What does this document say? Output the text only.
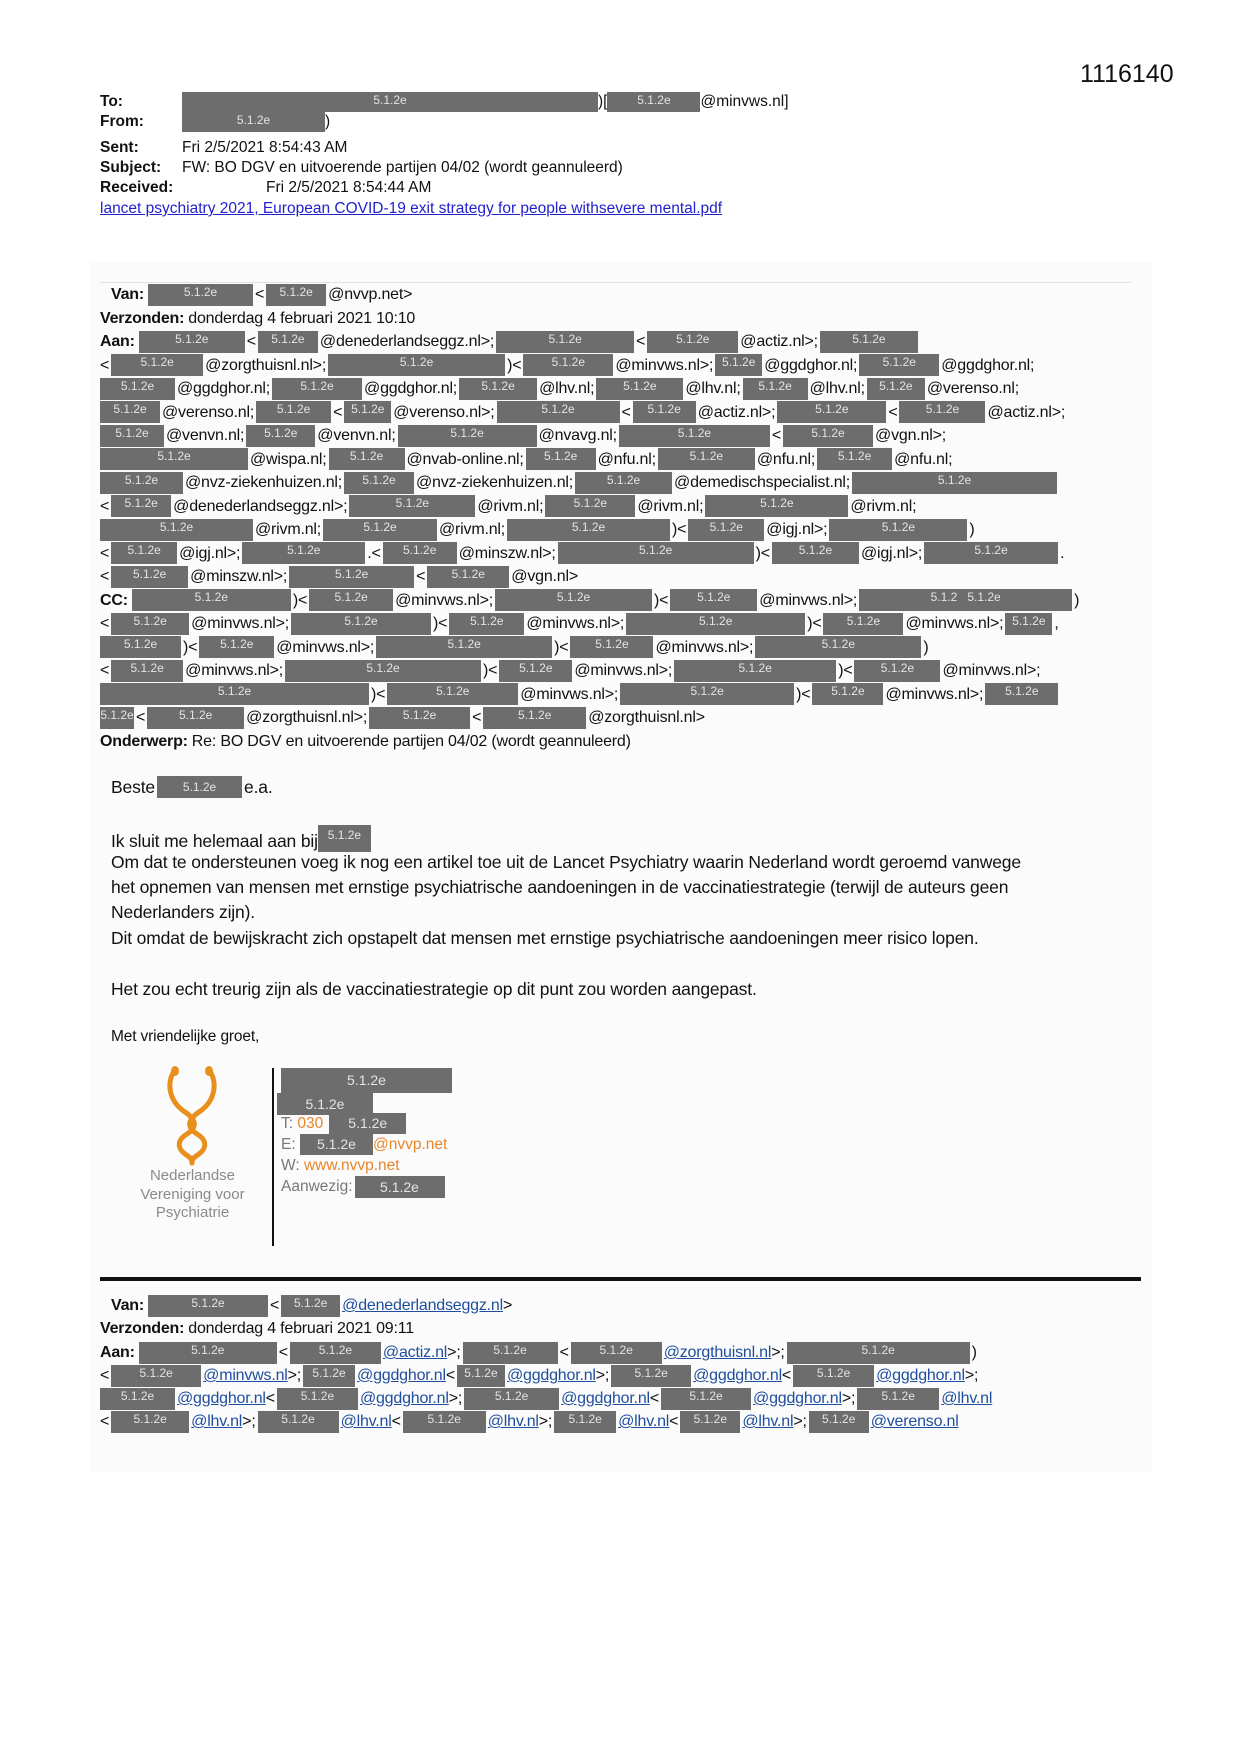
1116140
To:	5.1.2e	)[	5.1.2e	@minvws.nl]
From:	5.1.2e	)
Sent:	Fri 2/5/2021 8:54:43 AM
Subject: FW: BO DGV en uitvoerende partijen 04/02 (wordt geannuleerd)
Received:	Fri 2/5/2021 8:54:44 AM
lancet psychiatry 2021, European COVID-19 exit strategy for people withsevere mental.pdf
Van:	5.1.2e	<	5.1.2e @nvvp.net>
Verzonden: donderdag 4 februari 2021 10:10
Aan:	5.1.2e	<	5.1.2e @denederlandseggz.nl>;	5.1.2e	<	5.1.2e	@actiz.nl>;	5.1.2e
<	5.1.2e	@zorgthuisnl.nl>;	5.1.2e	)<	5.1.2e	@minvws.nl>; 5.1.2e @ggdghor.nl;	5.1.2e	@ggdghor.nl;
5.1.2e	@ggdghor.nl;	5.1.2e	@ggdghor.nl;	5.1.2e	@lhv.nl;	5.1.2e	@lhv.nl;	5.1.2e	@lhv.nl;	5.1.2e @verenso.nl;
5.1.2e @verenso.nl;	5.1.2e	< 5.1.2e @verenso.nl>;	5.1.2e	<	5.1.2e	@actiz.nl>;	5.1.2e	<	5.1.2e	@actiz.nl>;
5.1.2e	@venvn.nl;	5.1.2e	@venvn.nl;	5.1.2e	@nvavg.nl;	5.1.2e	<	5.1.2e	@vgn.nl>;
5.1.2e	@wispa.nl;	5.1.2e	@nvab-online.nl;	5.1.2e	@nfu.nl;	5.1.2e	@nfu.nl;	5.1.2e	@nfu.nl;
5.1.2e	@nvz-ziekenhuizen.nl;	5.1.2e	@nvz-ziekenhuizen.nl;	5.1.2e	@demedischspecialist.nl;	5.1.2e
<	5.1.2e @denederlandseggz.nl>;	5.1.2e	@rivm.nl;	5.1.2e	@rivm.nl;	5.1.2e	@rivm.nl;
5.1.2e	@rivm.nl;	5.1.2e	@rivm.nl;	5.1.2e	)<	5.1.2e	@igj.nl>;	5.1.2e	)
<	5.1.2e	@igj.nl>;	5.1.2e	.<	5.1.2e	@minszw.nl>;	5.1.2e	)<	5.1.2e	@igj.nl>;	5.1.2e	.
<	5.1.2e	@minszw.nl>;	5.1.2e	<	5.1.2e	@vgn.nl>
CC:	5.1.2e	)<	5.1.2e	@minvws.nl>;	5.1.2e	)<	5.1.2e	@minvws.nl>;	5.1.2   5.1.2e	)
<	5.1.2e	@minvws.nl>;	5.1.2e	)<	5.1.2e	@minvws.nl>;	5.1.2e	)<	5.1.2e	@minvws.nl>; 5.1.2e ,
5.1.2e	)<	5.1.2e	@minvws.nl>;	5.1.2e	)<	5.1.2e	@minvws.nl>;	5.1.2e	)
<	5.1.2e	@minvws.nl>;	5.1.2e	)<	5.1.2e	@minvws.nl>;	5.1.2e	)<	5.1.2e	@minvws.nl>;
5.1.2e	)<	5.1.2e	@minvws.nl>;	5.1.2e	)<	5.1.2e	@minvws.nl>;	5.1.2e
5.1.2e <	5.1.2e	@zorgthuisnl.nl>;	5.1.2e	<	5.1.2e	@zorgthuisnl.nl>
Onderwerp: Re: BO DGV en uitvoerende partijen 04/02 (wordt geannuleerd)
Beste	5.1.2e	e.a.
Ik sluit me helemaal aan bij 5.1.2e
Om dat te ondersteunen voeg ik nog een artikel toe uit de Lancet Psychiatry waarin Nederland wordt geroemd vanwege
het opnemen van mensen met ernstige psychiatrische aandoeningen in de vaccinatiestrategie (terwijl de auteurs geen
Nederlanders zijn).
Dit omdat de bewijskracht zich opstapelt dat mensen met ernstige psychiatrische aandoeningen meer risico lopen.
Het zou echt treurig zijn als de vaccinatiestrategie op dit punt zou worden aangepast.
Met vriendelijke groet,
Nederlandse
Vereniging voor
Psychiatrie
5.1.2e
5.1.2e
T:
030	5.1.2e
E:
	5.1.2e	@nvvp.net
W: www.nvvp.net
Aanwezig:	5.1.2e
Van:	5.1.2e	<	5.1.2e @denederlandseggz.nl >
Verzonden: donderdag 4 februari 2021 09:11
Aan:	5.1.2e	<	5.1.2e	@actiz.nl >;	5.1.2e	<	5.1.2e	@zorgthuisnl.nl >;	5.1.2e	)
<	5.1.2e	@minvws.nl >; 5.1.2e @ggdghor.nl < 5.1.2e @ggdghor.nl >;	5.1.2e	@ggdghor.nl <	5.1.2e	@ggdghor.nl >;
5.1.2e	@ggdghor.nl <	5.1.2e	@ggdghor.nl >;	5.1.2e	@ggdghor.nl <	5.1.2e	@ggdghor.nl >;	5.1.2e	@lhv.nl
<	5.1.2e	@lhv.nl >;	5.1.2e	@lhv.nl <	5.1.2e	@lhv.nl >;	5.1.2e	@lhv.nl <	5.1.2e @lhv.nl >;	5.1.2e @verenso.nl
